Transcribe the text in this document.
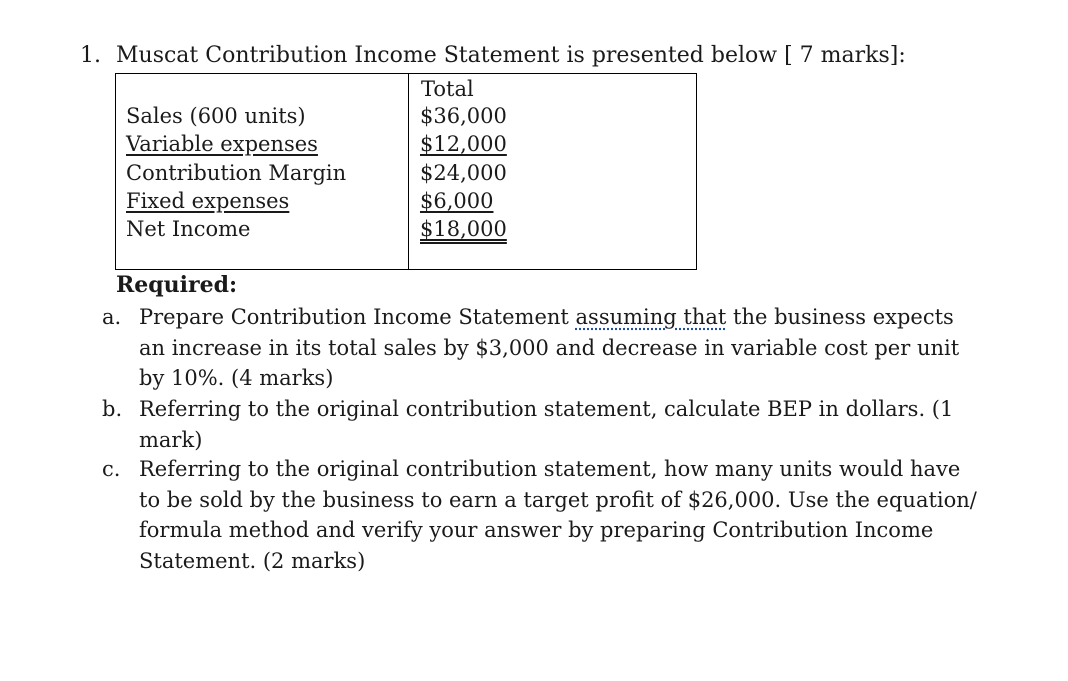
1. Muscat Contribution Income Statement is presented below [ 7 marks]:
Total
Sales (600 units)	$36,000
Variable expenses	$12,000
Contribution Margin	$24,000
Fixed expenses	$6,000
Net Income	$18,000
Required:
a. Prepare Contribution Income Statement assuming that the business expects an increase in its total sales by $3,000 and decrease in variable cost per unit by 10%. (4 marks)
b. Referring to the original contribution statement, calculate BEP in dollars. (1 mark)
c. Referring to the original contribution statement, how many units would have to be sold by the business to earn a target profit of $26,000. Use the equation/ formula method and verify your answer by preparing Contribution Income Statement. (2 marks)
